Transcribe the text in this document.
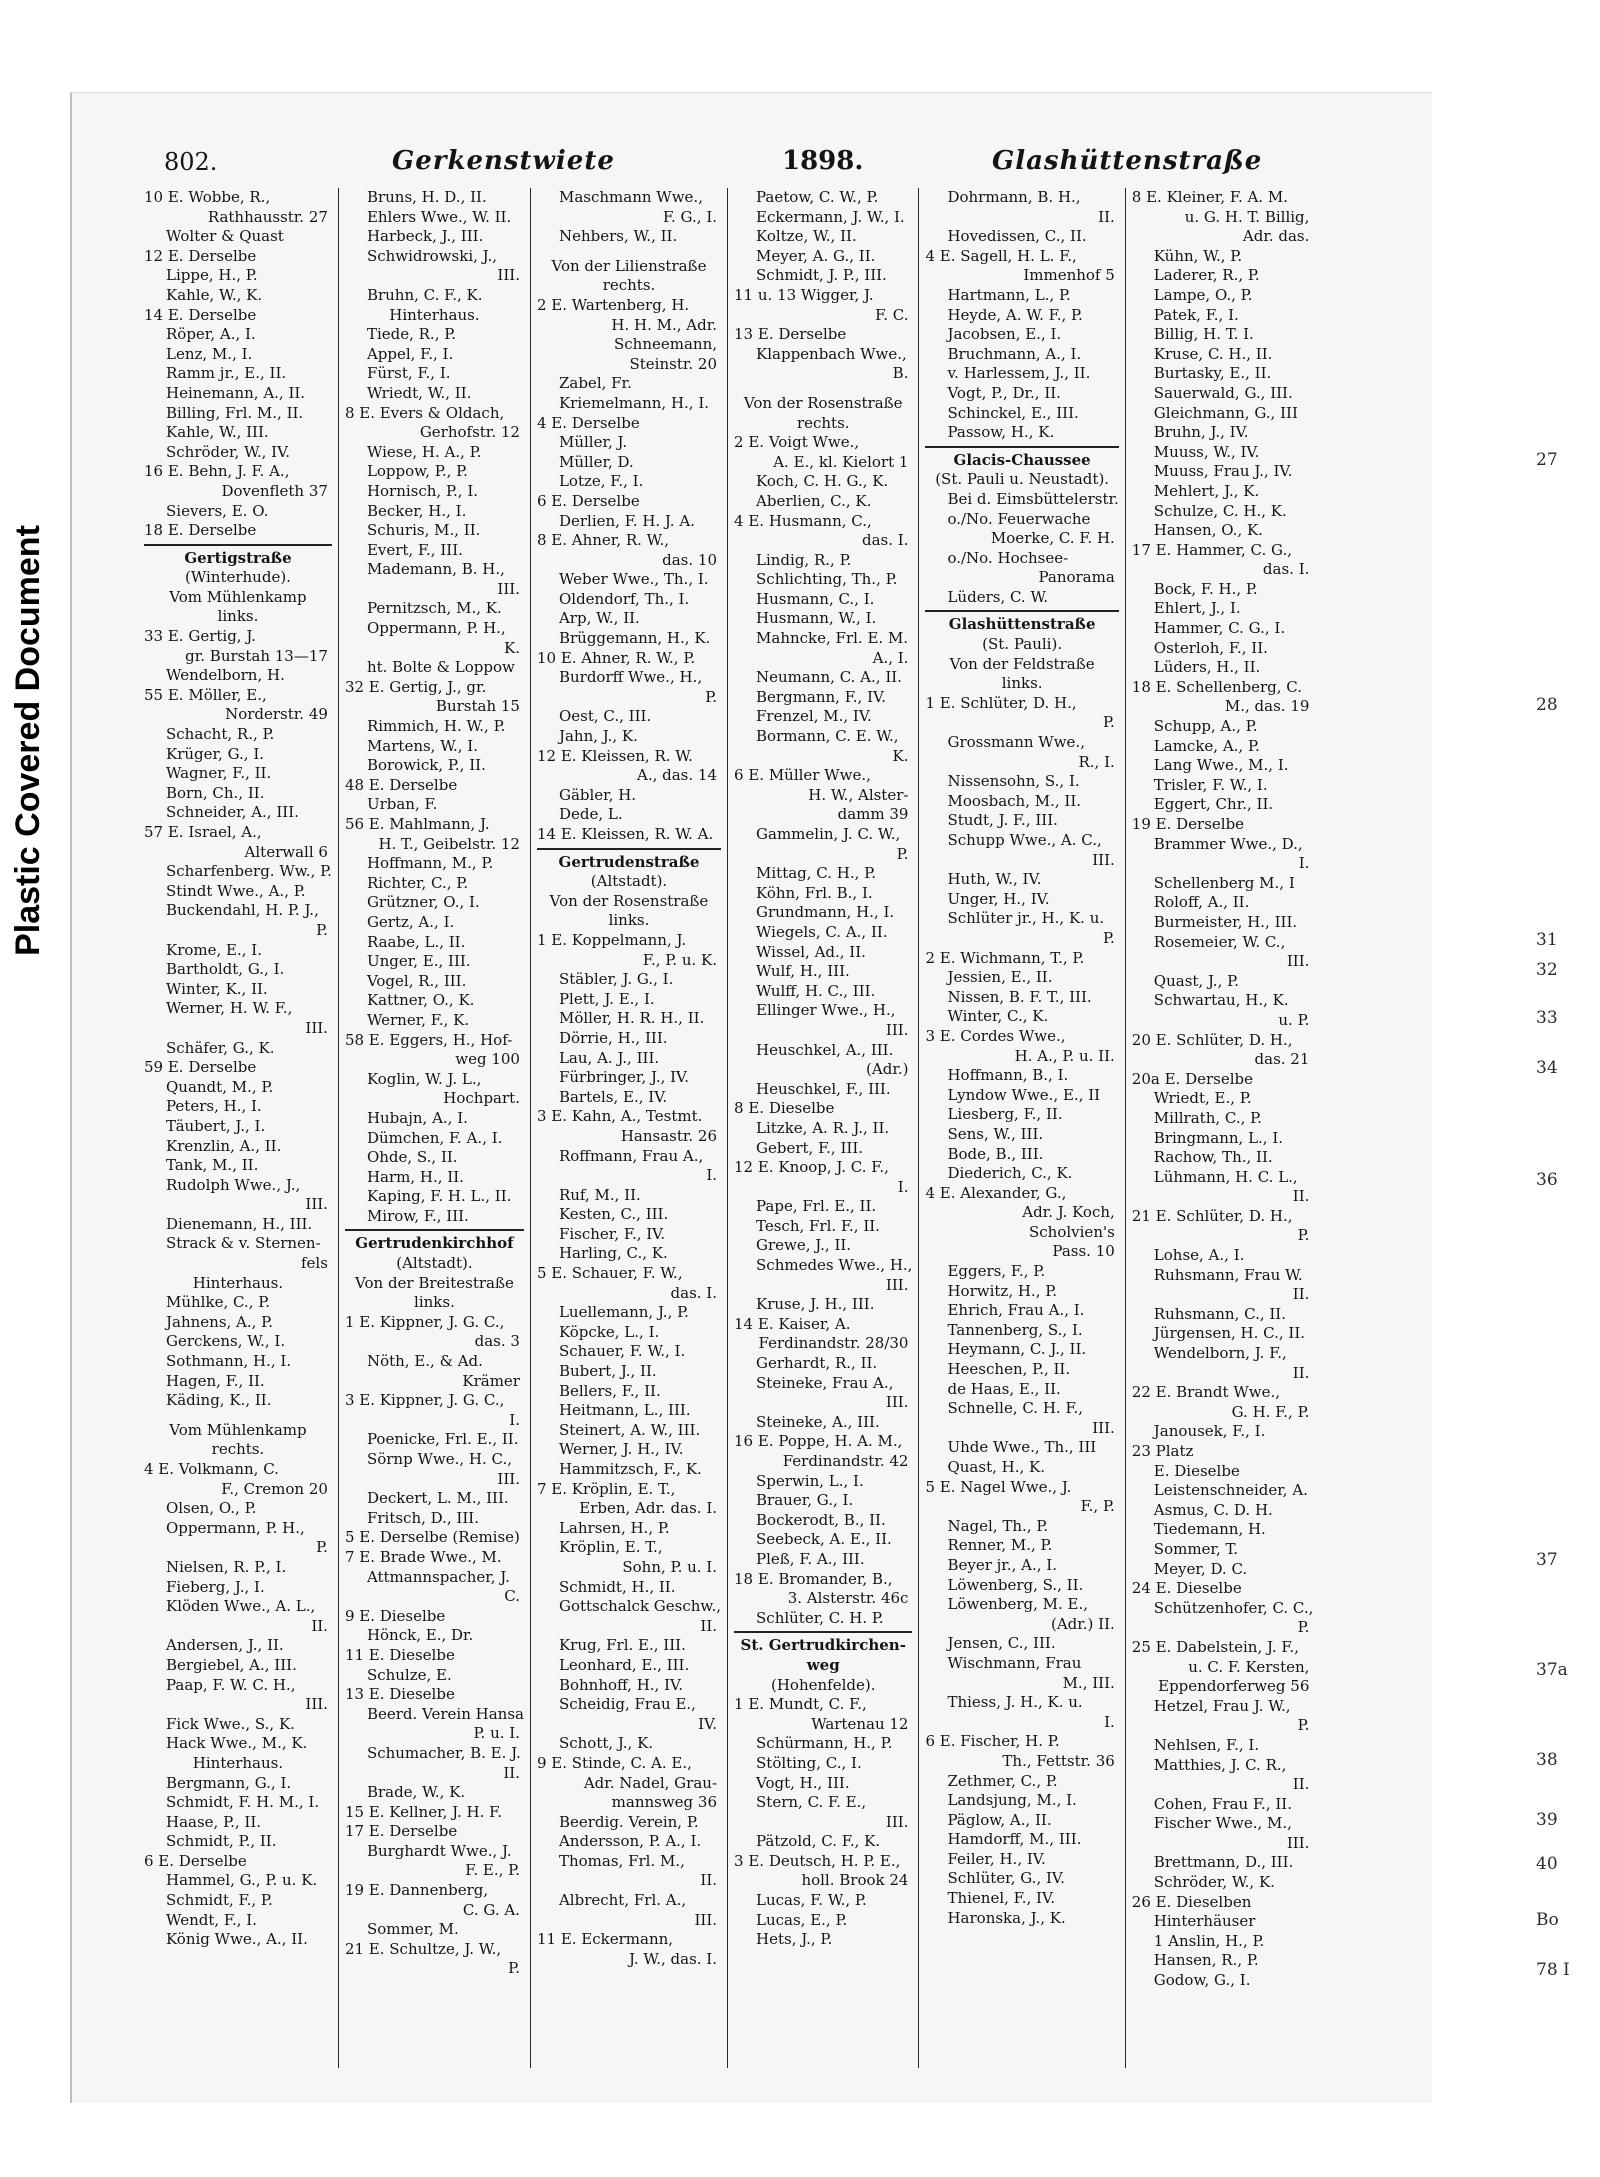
Plastic Covered Document
802.	Gerkenstwiete	1898.	Glashüttenstraße
10 E. Wobbe, R.,
Rathhausstr. 27
Wolter & Quast
12 E. Derselbe
Lippe, H., P.
Kahle, W., K.
14 E. Derselbe
Röper, A., I.
Lenz, M., I.
Ramm jr., E., II.
Heinemann, A., II.
Billing, Frl. M., II.
Kahle, W., III.
Schröder, W., IV.
16 E. Behn, J. F. A.,
Dovenfleth 37
Sievers, E. O.
18 E. Derselbe
Gertigstraße
(Winterhude).
Vom Mühlenkamp
links.
33 E. Gertig, J.
gr. Burstah 13—17
Wendelborn, H.
55 E. Möller, E.,
Norderstr. 49
Schacht, R., P.
Krüger, G., I.
Wagner, F., II.
Born, Ch., II.
Schneider, A., III.
57 E. Israel, A.,
Alterwall 6
Scharfenberg. Ww., P.
Stindt Wwe., A., P.
Buckendahl, H. P. J.,
P.
Krome, E., I.
Bartholdt, G., I.
Winter, K., II.
Werner, H. W. F.,
III.
Schäfer, G., K.
59 E. Derselbe
Quandt, M., P.
Peters, H., I.
Täubert, J., I.
Krenzlin, A., II.
Tank, M., II.
Rudolph Wwe., J.,
III.
Dienemann, H., III.
Strack & v. Sternen-
fels
Hinterhaus.
Mühlke, C., P.
Jahnens, A., P.
Gerckens, W., I.
Sothmann, H., I.
Hagen, F., II.
Käding, K., II.
Vom Mühlenkamp
rechts.
4 E. Volkmann, C.
F., Cremon 20
Olsen, O., P.
Oppermann, P. H.,
P.
Nielsen, R. P., I.
Fieberg, J., I.
Klöden Wwe., A. L.,
II.
Andersen, J., II.
Bergiebel, A., III.
Paap, F. W. C. H.,
III.
Fick Wwe., S., K.
Hack Wwe., M., K.
Hinterhaus.
Bergmann, G., I.
Schmidt, F. H. M., I.
Haase, P., II.
Schmidt, P., II.
6 E. Derselbe
Hammel, G., P. u. K.
Schmidt, F., P.
Wendt, F., I.
König Wwe., A., II.
Bruns, H. D., II.
Ehlers Wwe., W. II.
Harbeck, J., III.
Schwidrowski, J.,
III.
Bruhn, C. F., K.
Hinterhaus.
Tiede, R., P.
Appel, F., I.
Fürst, F., I.
Wriedt, W., II.
8 E. Evers & Oldach,
Gerhofstr. 12
Wiese, H. A., P.
Loppow, P., P.
Hornisch, P., I.
Becker, H., I.
Schuris, M., II.
Evert, F., III.
Mademann, B. H.,
III.
Pernitzsch, M., K.
Oppermann, P. H.,
K.
ht. Bolte & Loppow
32 E. Gertig, J., gr.
Burstah 15
Rimmich, H. W., P.
Martens, W., I.
Borowick, P., II.
48 E. Derselbe
Urban, F.
56 E. Mahlmann, J.
H. T., Geibelstr. 12
Hoffmann, M., P.
Richter, C., P.
Grützner, O., I.
Gertz, A., I.
Raabe, L., II.
Unger, E., III.
Vogel, R., III.
Kattner, O., K.
Werner, F., K.
58 E. Eggers, H., Hof-
weg 100
Koglin, W. J. L.,
Hochpart.
Hubajn, A., I.
Dümchen, F. A., I.
Ohde, S., II.
Harm, H., II.
Kaping, F. H. L., II.
Mirow, F., III.
Gertrudenkirchhof
(Altstadt).
Von der Breitestraße
links.
1 E. Kippner, J. G. C.,
das. 3
Nöth, E., & Ad.
Krämer
3 E. Kippner, J. G. C.,
I.
Poenicke, Frl. E., II.
Sörnp Wwe., H. C.,
III.
Deckert, L. M., III.
Fritsch, D., III.
5 E. Derselbe (Remise)
7 E. Brade Wwe., M.
Attmannspacher, J.
C.
9 E. Dieselbe
Hönck, E., Dr.
11 E. Dieselbe
Schulze, E.
13 E. Dieselbe
Beerd. Verein Hansa
P. u. I.
Schumacher, B. E. J.
II.
Brade, W., K.
15 E. Kellner, J. H. F.
17 E. Derselbe
Burghardt Wwe., J.
F. E., P.
19 E. Dannenberg,
C. G. A.
Sommer, M.
21 E. Schultze, J. W.,
P.
Maschmann Wwe.,
F. G., I.
Nehbers, W., II.
Von der Lilienstraße
rechts.
2 E. Wartenberg, H.
H. H. M., Adr.
Schneemann,
Steinstr. 20
Zabel, Fr.
Kriemelmann, H., I.
4 E. Derselbe
Müller, J.
Müller, D.
Lotze, F., I.
6 E. Derselbe
Derlien, F. H. J. A.
8 E. Ahner, R. W.,
das. 10
Weber Wwe., Th., I.
Oldendorf, Th., I.
Arp, W., II.
Brüggemann, H., K.
10 E. Ahner, R. W., P.
Burdorff Wwe., H.,
P.
Oest, C., III.
Jahn, J., K.
12 E. Kleissen, R. W.
A., das. 14
Gäbler, H.
Dede, L.
14 E. Kleissen, R. W. A.
Gertrudenstraße
(Altstadt).
Von der Rosenstraße
links.
1 E. Koppelmann, J.
F., P. u. K.
Stäbler, J. G., I.
Plett, J. E., I.
Möller, H. R. H., II.
Dörrie, H., III.
Lau, A. J., III.
Fürbringer, J., IV.
Bartels, E., IV.
3 E. Kahn, A., Testmt.
Hansastr. 26
Roffmann, Frau A.,
I.
Ruf, M., II.
Kesten, C., III.
Fischer, F., IV.
Harling, C., K.
5 E. Schauer, F. W.,
das. I.
Luellemann, J., P.
Köpcke, L., I.
Schauer, F. W., I.
Bubert, J., II.
Bellers, F., II.
Heitmann, L., III.
Steinert, A. W., III.
Werner, J. H., IV.
Hammitzsch, F., K.
7 E. Kröplin, E. T.,
Erben, Adr. das. I.
Lahrsen, H., P.
Kröplin, E. T.,
Sohn, P. u. I.
Schmidt, H., II.
Gottschalck Geschw.,
II.
Krug, Frl. E., III.
Leonhard, E., III.
Bohnhoff, H., IV.
Scheidig, Frau E.,
IV.
Schott, J., K.
9 E. Stinde, C. A. E.,
Adr. Nadel, Grau-
mannsweg 36
Beerdig. Verein, P.
Andersson, P. A., I.
Thomas, Frl. M.,
II.
Albrecht, Frl. A.,
III.
11 E. Eckermann,
J. W., das. I.
Paetow, C. W., P.
Eckermann, J. W., I.
Koltze, W., II.
Meyer, A. G., II.
Schmidt, J. P., III.
11 u. 13 Wigger, J.
F. C.
13 E. Derselbe
Klappenbach Wwe.,
B.
Von der Rosenstraße
rechts.
2 E. Voigt Wwe.,
A. E., kl. Kielort 1
Koch, C. H. G., K.
Aberlien, C., K.
4 E. Husmann, C.,
das. I.
Lindig, R., P.
Schlichting, Th., P.
Husmann, C., I.
Husmann, W., I.
Mahncke, Frl. E. M.
A., I.
Neumann, C. A., II.
Bergmann, F., IV.
Frenzel, M., IV.
Bormann, C. E. W.,
K.
6 E. Müller Wwe.,
H. W., Alster-
damm 39
Gammelin, J. C. W.,
P.
Mittag, C. H., P.
Köhn, Frl. B., I.
Grundmann, H., I.
Wiegels, C. A., II.
Wissel, Ad., II.
Wulf, H., III.
Wulff, H. C., III.
Ellinger Wwe., H.,
III.
Heuschkel, A., III.
(Adr.)
Heuschkel, F., III.
8 E. Dieselbe
Litzke, A. R. J., II.
Gebert, F., III.
12 E. Knoop, J. C. F.,
I.
Pape, Frl. E., II.
Tesch, Frl. F., II.
Grewe, J., II.
Schmedes Wwe., H.,
III.
Kruse, J. H., III.
14 E. Kaiser, A.
Ferdinandstr. 28/30
Gerhardt, R., II.
Steineke, Frau A.,
III.
Steineke, A., III.
16 E. Poppe, H. A. M.,
Ferdinandstr. 42
Sperwin, L., I.
Brauer, G., I.
Bockerodt, B., II.
Seebeck, A. E., II.
Pleß, F. A., III.
18 E. Bromander, B.,
3. Alsterstr. 46c
Schlüter, C. H. P.
St. Gertrudkirchen-
weg
(Hohenfelde).
1 E. Mundt, C. F.,
Wartenau 12
Schürmann, H., P.
Stölting, C., I.
Vogt, H., III.
Stern, C. F. E.,
III.
Pätzold, C. F., K.
3 E. Deutsch, H. P. E.,
holl. Brook 24
Lucas, F. W., P.
Lucas, E., P.
Hets, J., P.
Dohrmann, B. H.,
II.
Hovedissen, C., II.
4 E. Sagell, H. L. F.,
Immenhof 5
Hartmann, L., P.
Heyde, A. W. F., P.
Jacobsen, E., I.
Bruchmann, A., I.
v. Harlessem, J., II.
Vogt, P., Dr., II.
Schinckel, E., III.
Passow, H., K.
Glacis-Chaussee
(St. Pauli u. Neustadt).
Bei d. Eimsbüttelerstr.
o./No. Feuerwache
Moerke, C. F. H.
o./No. Hochsee-
Panorama
Lüders, C. W.
Glashüttenstraße
(St. Pauli).
Von der Feldstraße
links.
1 E. Schlüter, D. H.,
P.
Grossmann Wwe.,
R., I.
Nissensohn, S., I.
Moosbach, M., II.
Studt, J. F., III.
Schupp Wwe., A. C.,
III.
Huth, W., IV.
Unger, H., IV.
Schlüter jr., H., K. u.
P.
2 E. Wichmann, T., P.
Jessien, E., II.
Nissen, B. F. T., III.
Winter, C., K.
3 E. Cordes Wwe.,
H. A., P. u. II.
Hoffmann, B., I.
Lyndow Wwe., E., II
Liesberg, F., II.
Sens, W., III.
Bode, B., III.
Diederich, C., K.
4 E. Alexander, G.,
Adr. J. Koch,
Scholvien's
Pass. 10
Eggers, F., P.
Horwitz, H., P.
Ehrich, Frau A., I.
Tannenberg, S., I.
Heymann, C. J., II.
Heeschen, P., II.
de Haas, E., II.
Schnelle, C. H. F.,
III.
Uhde Wwe., Th., III
Quast, H., K.
5 E. Nagel Wwe., J.
F., P.
Nagel, Th., P.
Renner, M., P.
Beyer jr., A., I.
Löwenberg, S., II.
Löwenberg, M. E.,
(Adr.) II.
Jensen, C., III.
Wischmann, Frau
M., III.
Thiess, J. H., K. u.
I.
6 E. Fischer, H. P.
Th., Fettstr. 36
Zethmer, C., P.
Landsjung, M., I.
Päglow, A., II.
Hamdorff, M., III.
Feiler, H., IV.
Schlüter, G., IV.
Thienel, F., IV.
Haronska, J., K.
8 E. Kleiner, F. A. M.
u. G. H. T. Billig,
Adr. das.
Kühn, W., P.
Laderer, R., P.
Lampe, O., P.
Patek, F., I.
Billig, H. T. I.
Kruse, C. H., II.
Burtasky, E., II.
Sauerwald, G., III.
Gleichmann, G., III
Bruhn, J., IV.
Muuss, W., IV.
Muuss, Frau J., IV.
Mehlert, J., K.
Schulze, C. H., K.
Hansen, O., K.
17 E. Hammer, C. G.,
das. I.
Bock, F. H., P.
Ehlert, J., I.
Hammer, C. G., I.
Osterloh, F., II.
Lüders, H., II.
18 E. Schellenberg, C.
M., das. 19
Schupp, A., P.
Lamcke, A., P.
Lang Wwe., M., I.
Trisler, F. W., I.
Eggert, Chr., II.
19 E. Derselbe
Brammer Wwe., D.,
I.
Schellenberg M., I
Roloff, A., II.
Burmeister, H., III.
Rosemeier, W. C.,
III.
Quast, J., P.
Schwartau, H., K.
u. P.
20 E. Schlüter, D. H.,
das. 21
20a E. Derselbe
Wriedt, E., P.
Millrath, C., P.
Bringmann, L., I.
Rachow, Th., II.
Lühmann, H. C. L.,
II.
21 E. Schlüter, D. H.,
P.
Lohse, A., I.
Ruhsmann, Frau W.
II.
Ruhsmann, C., II.
Jürgensen, H. C., II.
Wendelborn, J. F.,
II.
22 E. Brandt Wwe.,
G. H. F., P.
Janousek, F., I.
23 Platz
E. Dieselbe
Leistenschneider, A.
Asmus, C. D. H.
Tiedemann, H.
Sommer, T.
Meyer, D. C.
24 E. Dieselbe
Schützenhofer, C. C.,
P.
25 E. Dabelstein, J. F.,
u. C. F. Kersten,
Eppendorferweg 56
Hetzel, Frau J. W.,
P.
Nehlsen, F., I.
Matthies, J. C. R.,
II.
Cohen, Frau F., II.
Fischer Wwe., M.,
III.
Brettmann, D., III.
Schröder, W., K.
26 E. Dieselben
Hinterhäuser
1 Anslin, H., P.
Hansen, R., P.
Godow, G., I.
27
28
31
32
33
34
36
37
37a
38
39
40
Bo
78 I
